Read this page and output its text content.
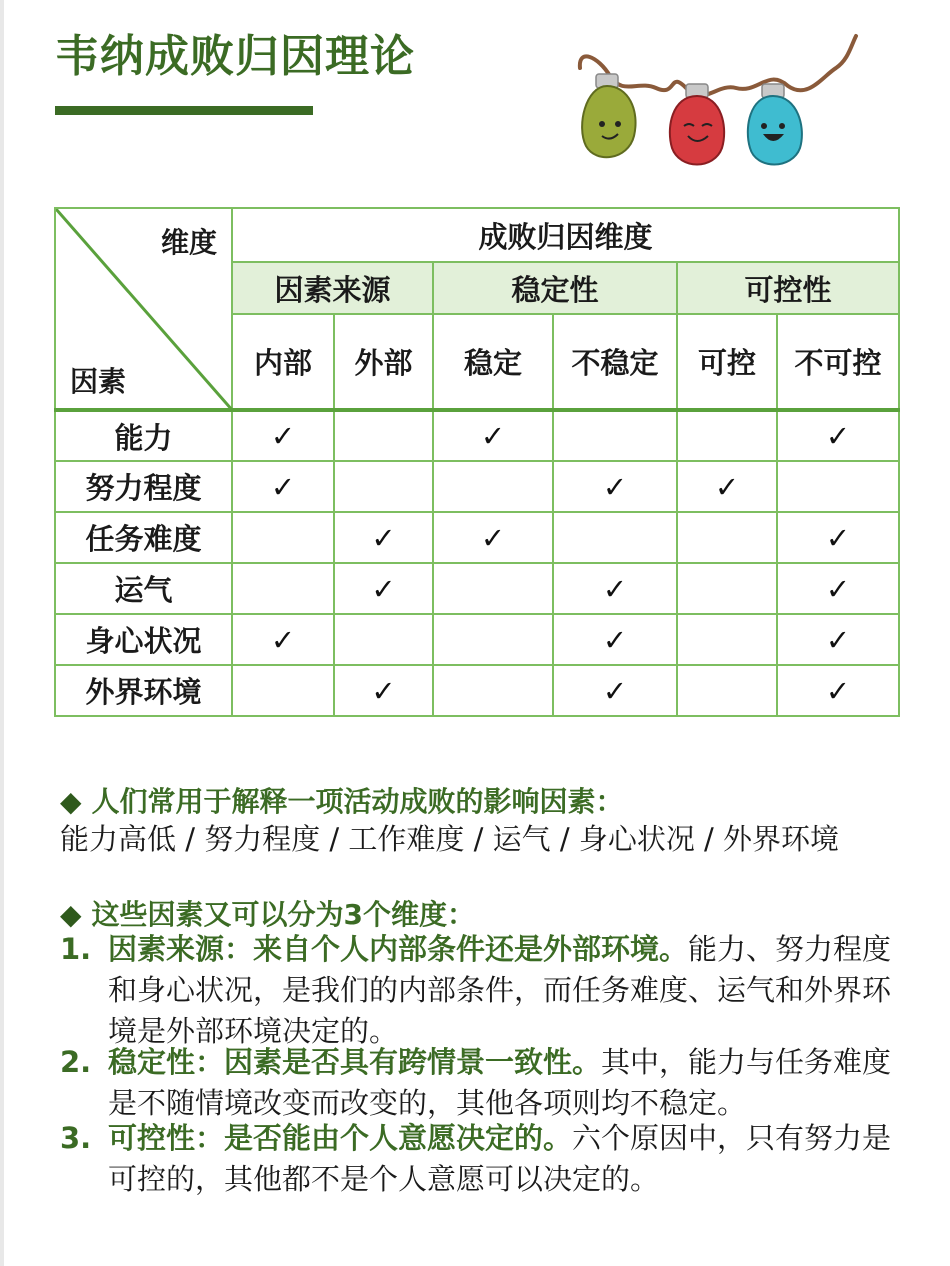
韦纳成败归因理论
维度
因素	成败归因维度					
	因素来源		稳定性		可控性	
	内部	外部	稳定	不稳定	可控	不可控
能力	✓		✓			✓
努力程度	✓			✓	✓	
任务难度		✓	✓			✓
运气		✓		✓		✓
身心状况	✓			✓		✓
外界环境		✓		✓		✓
◆ 人们常用于解释一项活动成败的影响因素：
能力高低 / 努力程度 / 工作难度 / 运气 / 身心状况 / 外界环境
◆ 这些因素又可以分为3个维度：
1. 因素来源：来自个人内部条件还是外部环境。能力、努力程度和身心状况，是我们的内部条件，而任务难度、运气和外界环境是外部环境决定的。
2. 稳定性：因素是否具有跨情景一致性。其中，能力与任务难度是不随情境改变而改变的，其他各项则均不稳定。
3. 可控性：是否能由个人意愿决定的。六个原因中，只有努力是可控的，其他都不是个人意愿可以决定的。
